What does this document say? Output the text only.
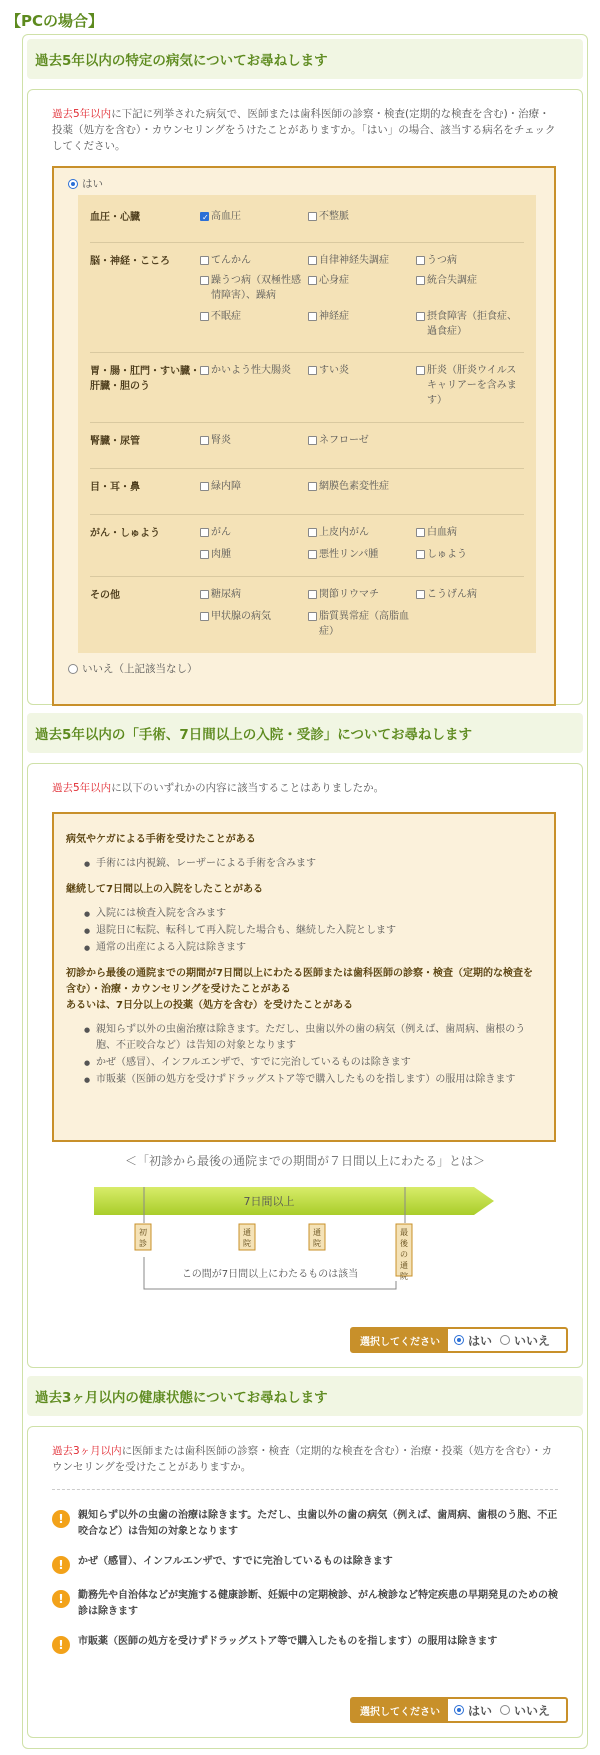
【PCの場合】
過去5年以内の特定の病気についてお尋ねします

過去5年以内に下記に列挙された病気で、医師または歯科医師の診察・検査(定期的な検査を含む)・治療・投薬（処方を含む）・カウンセリングをうけたことがありますか。「はい」の場合、該当する病名をチェックしてください。

はい
血圧・心臓
✓	高血圧	不整脈
脳・神経・こころ	てんかん	自律神経失調症	うつ病
躁うつ病（双極性感情障害）、躁病
心身症	統合失調症
不眠症	神経症	摂食障害（拒食症、過食症）
胃・腸・肛門・すい臓・肝臓・胆のう
かいよう性大腸炎	すい炎	肝炎（肝炎ウイルスキャリアーを含みます）
腎臓・尿管	腎炎	ネフローゼ
目・耳・鼻	緑内障	網膜色素変性症
がん・しゅよう	がん	上皮内がん	白血病
肉腫	悪性リンパ腫	しゅよう
その他	糖尿病	関節リウマチ	こうげん病
甲状腺の病気	脂質異常症（高脂血症）
いいえ（上記該当なし）
過去5年以内の「手術、7日間以上の入院・受診」についてお尋ねします

過去5年以内に以下のいずれかの内容に該当することはありましたか。

病気やケガによる手術を受けたことがある
● 手術には内視鏡、レーザーによる手術を含みます
継続して7日間以上の入院をしたことがある
● 入院には検査入院を含みます
● 退院日に転院、転科して再入院した場合も、継続した入院とします
● 通常の出産による入院は除きます
初診から最後の通院までの期間が7日間以上にわたる医師または歯科医師の診察・検査（定期的な検査を含む）・治療・カウンセリングを受けたことがある
あるいは、7日分以上の投薬（処方を含む）を受けたことがある
● 親知らず以外の虫歯治療は除きます。ただし、虫歯以外の歯の病気（例えば、歯周病、歯根のう胞、不正咬合など）は告知の対象となります
● かぜ（感冒）、インフルエンザで、すでに完治しているものは除きます
● 市販薬（医師の処方を受けずドラッグストア等で購入したものを指します）の服用は除きます
＜「初診から最後の通院までの期間が７日間以上にわたる」とは＞
7日間以上
初
診
通
院
通
院
最
後
の
通
院
この間が7日間以上にわたるものは該当
選択してください	はい いいえ
過去3ヶ月以内の健康状態についてお尋ねします

過去3ヶ月以内に医師または歯科医師の診察・検査（定期的な検査を含む）・治療・投薬（処方を含む）・カウンセリングを受けたことがありますか。

!	親知らず以外の虫歯の治療は除きます。ただし、虫歯以外の歯の病気（例えば、歯周病、歯根のう胞、不正咬合など）は告知の対象となります
!	かぜ（感冒）、インフルエンザで、すでに完治しているものは除きます
!	勤務先や自治体などが実施する健康診断、妊娠中の定期検診、がん検診など特定疾患の早期発見のための検診は除きます
!	市販薬（医師の処方を受けずドラッグストア等で購入したものを指します）の服用は除きます
選択してください	はい いいえ
